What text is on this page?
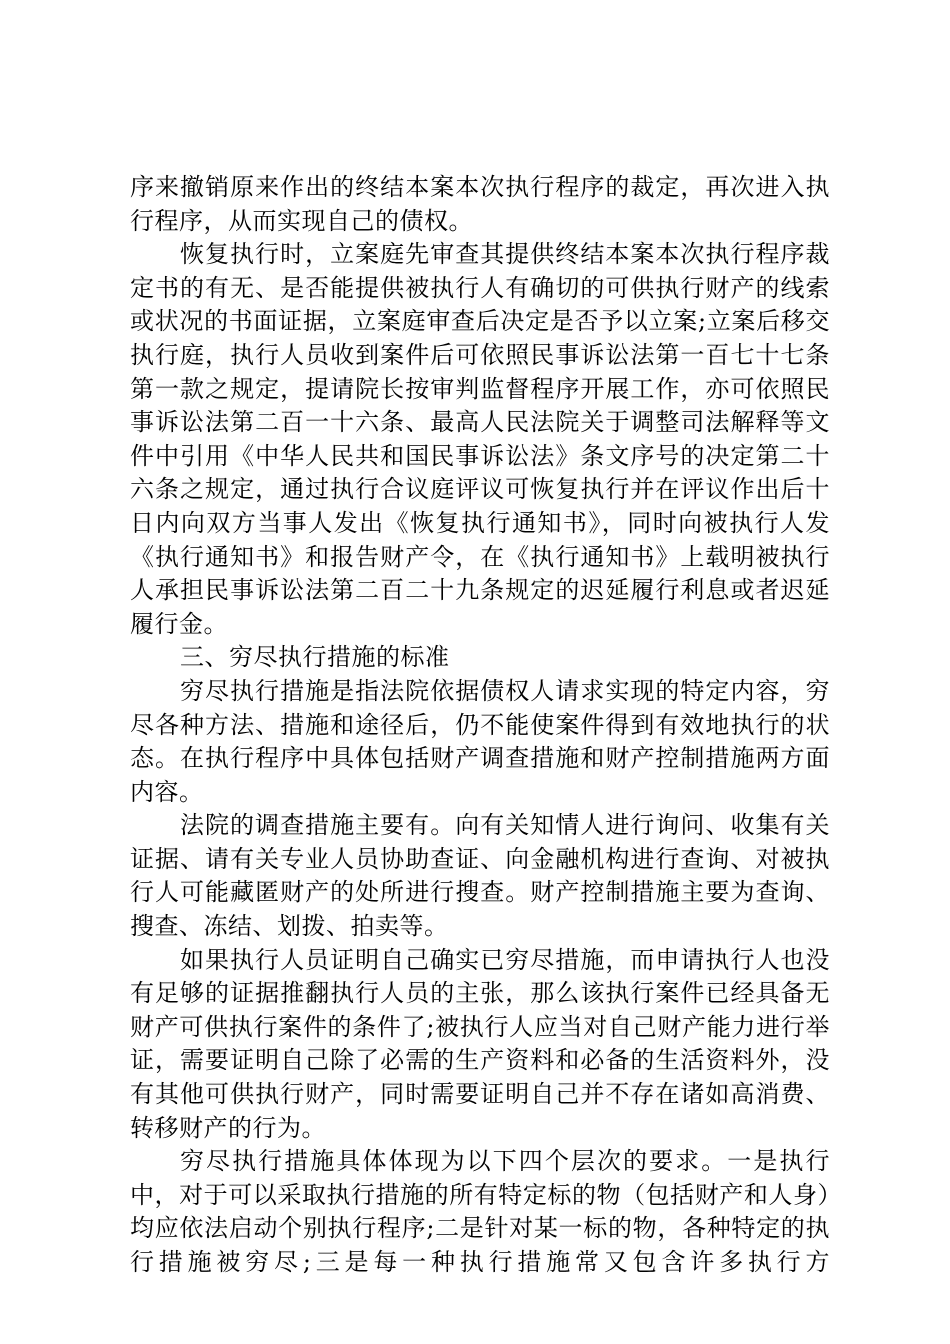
序来撤销原来作出的终结本案本次执行程序的裁定，再次进入执行程序，从而实现自己的债权。

恢复执行时，立案庭先审查其提供终结本案本次执行程序裁定书的有无、是否能提供被执行人有确切的可供执行财产的线索或状况的书面证据，立案庭审查后决定是否予以立案;立案后移交执行庭，执行人员收到案件后可依照民事诉讼法第一百七十七条第一款之规定，提请院长按审判监督程序开展工作，亦可依照民事诉讼法第二百一十六条、最高人民法院关于调整司法解释等文件中引用《中华人民共和国民事诉讼法》条文序号的决定第二十六条之规定，通过执行合议庭评议可恢复执行并在评议作出后十日内向双方当事人发出《恢复执行通知书》，同时向被执行人发《执行通知书》和报告财产令，在《执行通知书》上载明被执行人承担民事诉讼法第二百二十九条规定的迟延履行利息或者迟延履行金。

三、穷尽执行措施的标准

穷尽执行措施是指法院依据债权人请求实现的特定内容，穷尽各种方法、措施和途径后，仍不能使案件得到有效地执行的状态。在执行程序中具体包括财产调查措施和财产控制措施两方面内容。

法院的调查措施主要有。向有关知情人进行询问、收集有关证据、请有关专业人员协助查证、向金融机构进行查询、对被执行人可能藏匿财产的处所进行搜查。财产控制措施主要为查询、搜查、冻结、划拨、拍卖等。

如果执行人员证明自己确实已穷尽措施，而申请执行人也没有足够的证据推翻执行人员的主张，那么该执行案件已经具备无财产可供执行案件的条件了;被执行人应当对自己财产能力进行举证，需要证明自己除了必需的生产资料和必备的生活资料外，没有其他可供执行财产，同时需要证明自己并不存在诸如高消费、转移财产的行为。

穷尽执行措施具体体现为以下四个层次的要求。一是执行中，对于可以采取执行措施的所有特定标的物（包括财产和人身）均应依法启动个别执行程序;二是针对某一标的物，各种特定的执行措施被穷尽;三是每一种执行措施常又包含许多执行方
